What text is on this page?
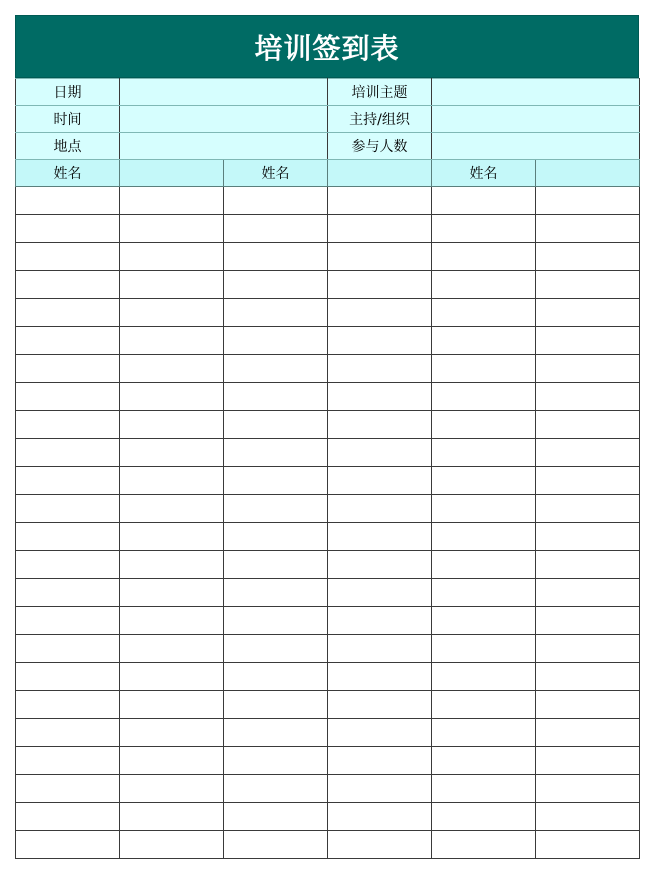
培训签到表
日期			培训主题		
时间			主持/组织		
地点			参与人数		
姓名		姓名		姓名	
